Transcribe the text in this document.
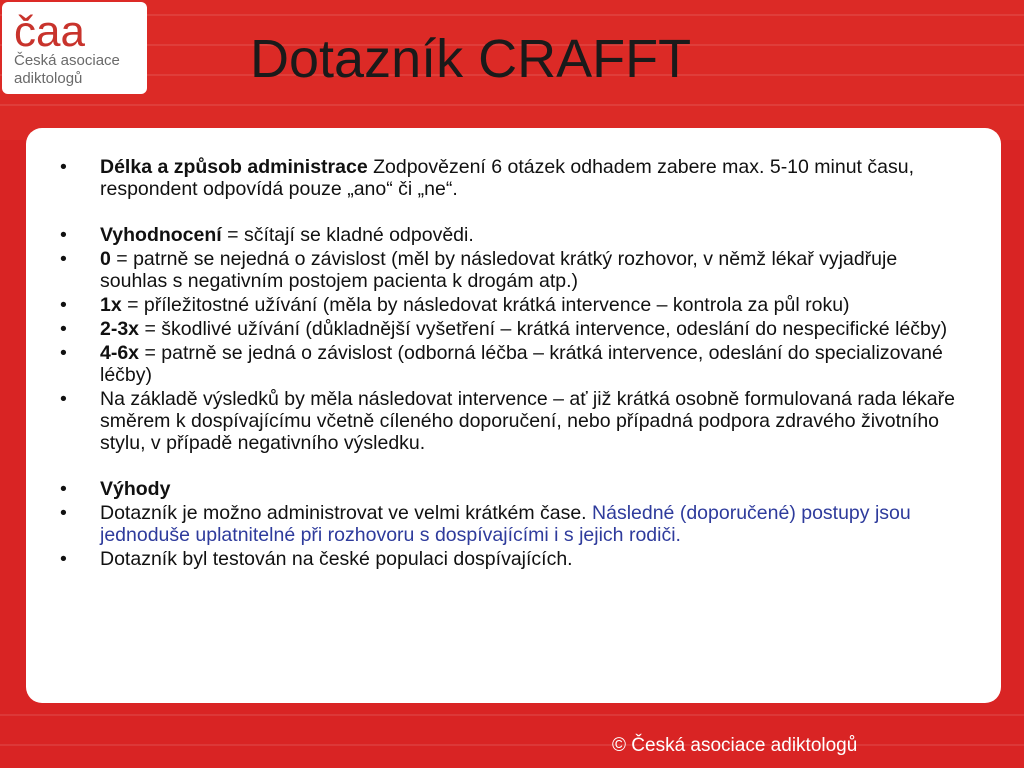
čaa
Česká asociace
adiktologů	Dotazník CRAFFT
• Délka a způsob administrace Zodpovězení 6 otázek odhadem zabere max. 5-10 minut času, respondent odpovídá pouze „ano“ či „ne“.
• Vyhodnocení = sčítají se kladné odpovědi.
• 0 = patrně se nejedná o závislost (měl by následovat krátký rozhovor, v němž lékař vyjadřuje souhlas s negativním postojem pacienta k drogám atp.)
• 1x = příležitostné užívání (měla by následovat krátká intervence – kontrola za půl roku)
• 2-3x = škodlivé užívání (důkladnější vyšetření – krátká intervence, odeslání do nespecifické léčby)
• 4-6x = patrně se jedná o závislost (odborná léčba – krátká intervence, odeslání do specializované léčby)
• Na základě výsledků by měla následovat intervence – ať již krátká osobně formulovaná rada lékaře směrem k dospívajícímu včetně cíleného doporučení, nebo případná podpora zdravého životního stylu, v případě negativního výsledku.
• Výhody
• Dotazník je možno administrovat ve velmi krátkém čase. Následné (doporučené) postupy jsou jednoduše uplatnitelné při rozhovoru s dospívajícími i s jejich rodiči.
• Dotazník byl testován na české populaci dospívajících.
© Česká asociace adiktologů
